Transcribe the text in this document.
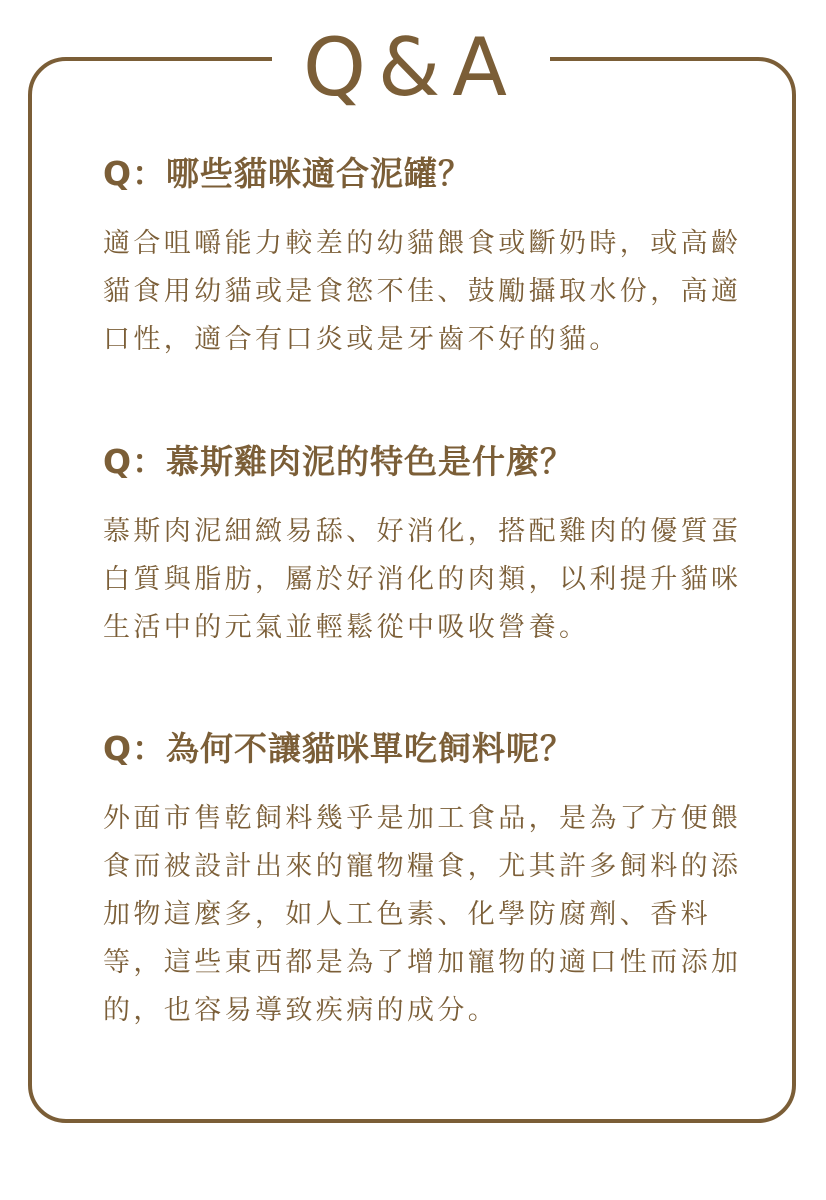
Q&A
Q：哪些貓咪適合泥罐？

適合咀嚼能力較差的幼貓餵食或斷奶時，或高齡貓食用幼貓或是食慾不佳、鼓勵攝取水份，高適口性，適合有口炎或是牙齒不好的貓。

Q：慕斯雞肉泥的特色是什麼？

慕斯肉泥細緻易舔、好消化，搭配雞肉的優質蛋白質與脂肪，屬於好消化的肉類，以利提升貓咪生活中的元氣並輕鬆從中吸收營養。

Q：為何不讓貓咪單吃飼料呢？

外面市售乾飼料幾乎是加工食品，是為了方便餵食而被設計出來的寵物糧食，尤其許多飼料的添加物這麼多，如人工色素、化學防腐劑、香料等，這些東西都是為了增加寵物的適口性而添加的，也容易導致疾病的成分。
